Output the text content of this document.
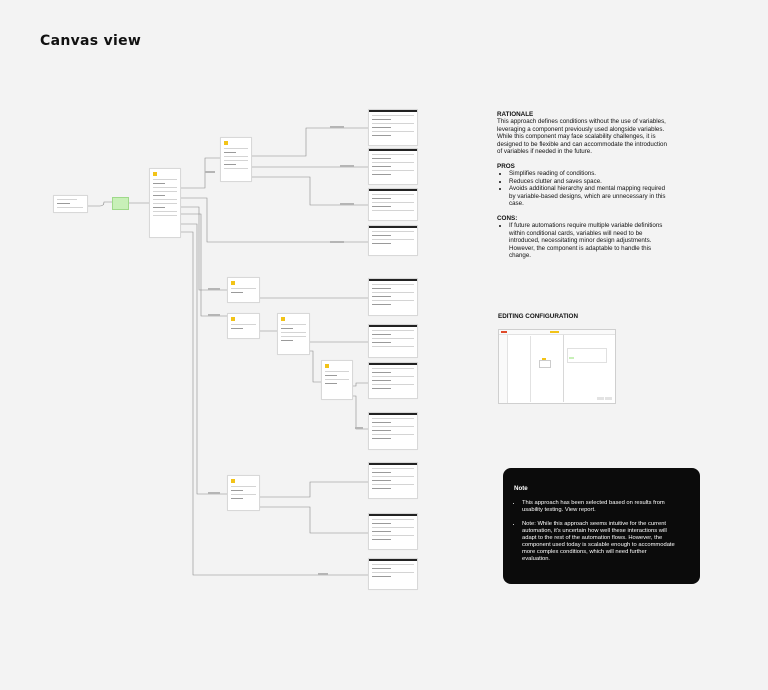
Canvas view
RATIONALE

This approach defines conditions without the use of variables,
leveraging a component previously used alongside variables.
While this component may face scalability challenges, it is
designed to be flexible and can accommodate the introduction
of variables if needed in the future.

PROS
• Simplifies reading of conditions.
• Reduces clutter and saves space.
• Avoids additional hierarchy and mental mapping required
by variable-based designs, which are unnecessary in this
case.
CONS:
• If future automations require multiple variable definitions
within conditional cards, variables will need to be
introduced, necessitating minor design adjustments.
However, the component is adaptable to handle this
change.
EDITING CONFIGURATION
Note
• This approach has been selected based on results from
usability testing. View report.
• Note: While this approach seems intuitive for the current
automation, it's uncertain how well these interactions will
adapt to the rest of the automation flows. However, the
component used today is scalable enough to accommodate
more complex conditions, which will need further
evaluation.
